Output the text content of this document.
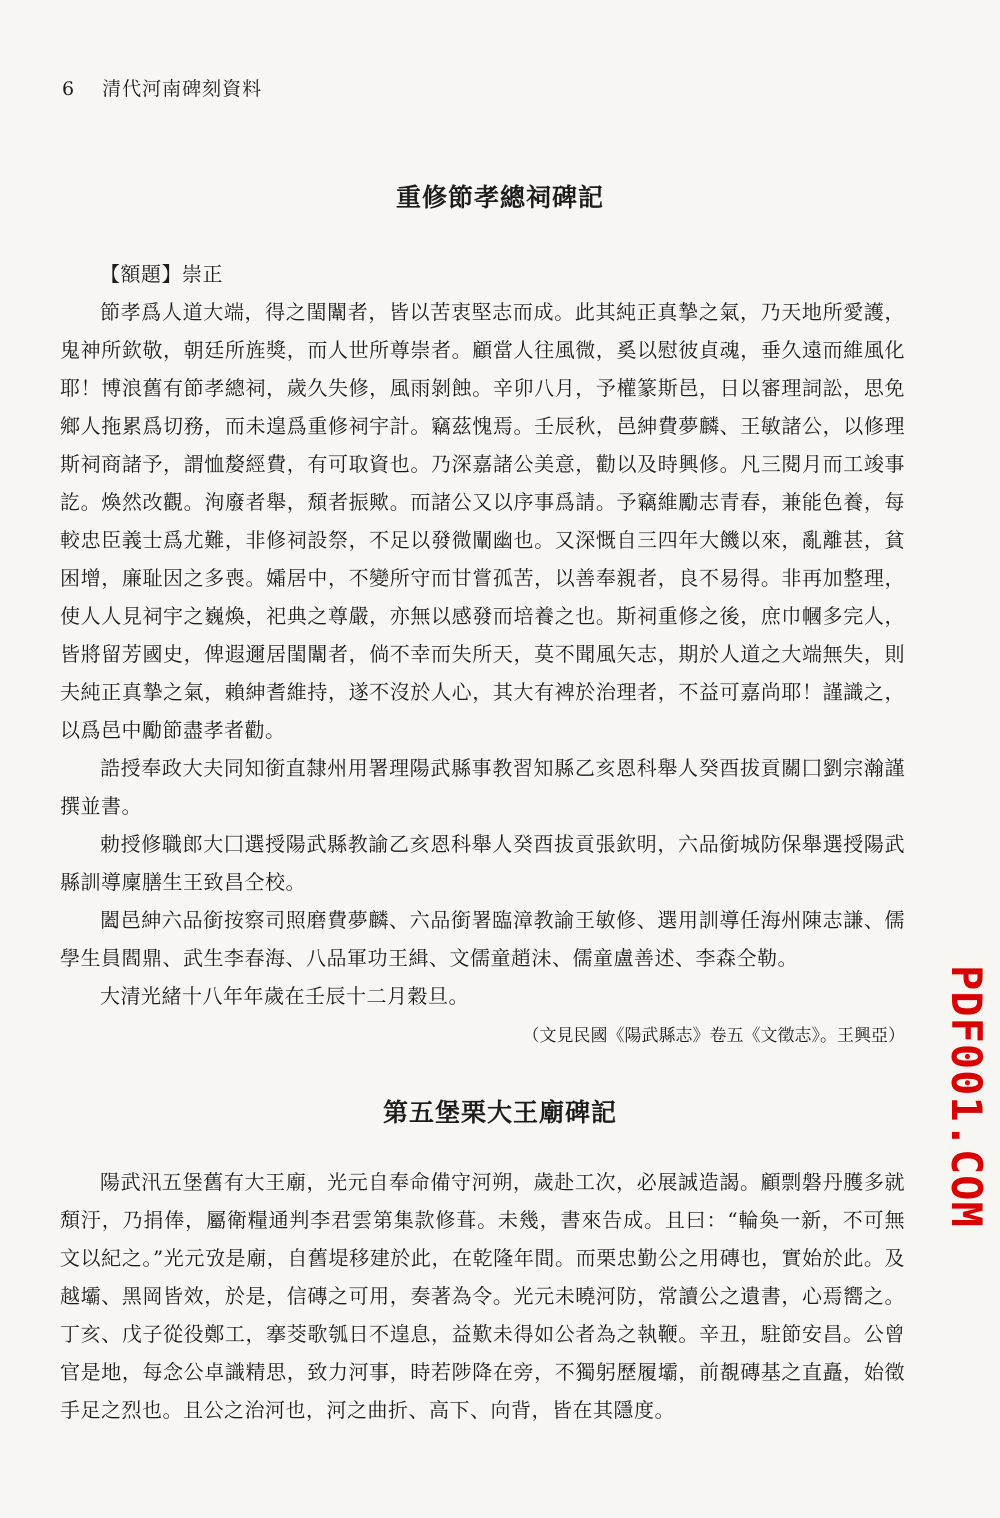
6 清代河南碑刻資料
重修節孝總祠碑記

【額題】崇正

節孝爲人道大端，得之閨闈者，皆以苦衷堅志而成。此其純正真摯之氣，乃天地所愛護，鬼神所欽敬，朝廷所旌獎，而人世所尊崇者。顧當人往風微，奚以慰彼貞魂，垂久遠而維風化耶！博浪舊有節孝總祠，歲久失修，風雨剝蝕。辛卯八月，予權篆斯邑，日以審理詞訟，思免鄉人拖累爲切務，而未遑爲重修祠宇計。竊茲愧焉。壬辰秋，邑紳費夢麟、王敏諸公，以修理斯祠商諸予，謂恤嫠經費，有可取資也。乃深嘉諸公美意，勸以及時興修。凡三閱月而工竣事訖。煥然改觀。洵廢者舉，頹者振歟。而諸公又以序事爲請。予竊維勵志青春，兼能色養，每較忠臣義士爲尤難，非修祠設祭，不足以發微闡幽也。又深慨自三四年大饑以來，亂離甚，貧困增，廉耻因之多喪。孀居中，不變所守而甘嘗孤苦，以善奉親者，良不易得。非再加整理，使人人見祠宇之巍煥，祀典之尊嚴，亦無以感發而培養之也。斯祠重修之後，庶巾幗多完人，皆將留芳國史，俾遐邇居閨闈者，倘不幸而失所天，莫不聞風矢志，期於人道之大端無失，則夫純正真摯之氣，賴紳耆維持，遂不沒於人心，其大有裨於治理者，不益可嘉尚耶！謹識之，以爲邑中勵節盡孝者勸。

誥授奉政大夫同知銜直隸州用署理陽武縣事教習知縣乙亥恩科舉人癸酉拔貢關囗劉宗瀚謹撰並書。

勅授修職郎大囗選授陽武縣教諭乙亥恩科舉人癸酉拔貢張欽明，六品銜城防保舉選授陽武縣訓導廩膳生王致昌仝校。

闔邑紳六品銜按察司照磨費夢麟、六品銜署臨漳教諭王敏修、選用訓導任海州陳志謙、儒學生員閻鼎、武生李春海、八品軍功王緝、文儒童趙沬、儒童盧善述、李森仝勒。

大清光緒十八年年歲在壬辰十二月穀旦。

（文見民國《陽武縣志》卷五《文徵志》。王興亞）

第五堡栗大王廟碑記

陽武汛五堡舊有大王廟，光元自奉命備守河朔，歲赴工次，必展誠造謁。顧剽磐丹臒多就頽汙，乃捐俸，屬衛糧通判李君雲第集款修葺。未幾，書來告成。且曰：“輪奐一新，不可無文以紀之。”光元攷是廟，自舊堤移建於此，在乾隆年間。而栗忠勤公之用磚也，實始於此。及越壩、黑岡皆效，於是，信磚之可用，奏著為令。光元未曉河防，常讀公之遺書，心焉嚮之。丁亥、戊子從役鄭工，搴茭歌瓠日不遑息，益歎未得如公者為之執鞭。辛丑，駐節安昌。公曾官是地，每念公卓識精思，致力河事，時若陟降在旁，不獨躬歷履壩，前覩磚基之直矗，始徵手足之烈也。且公之治河也，河之曲折、高下、向背，皆在其隱度。

PDF001.COM
